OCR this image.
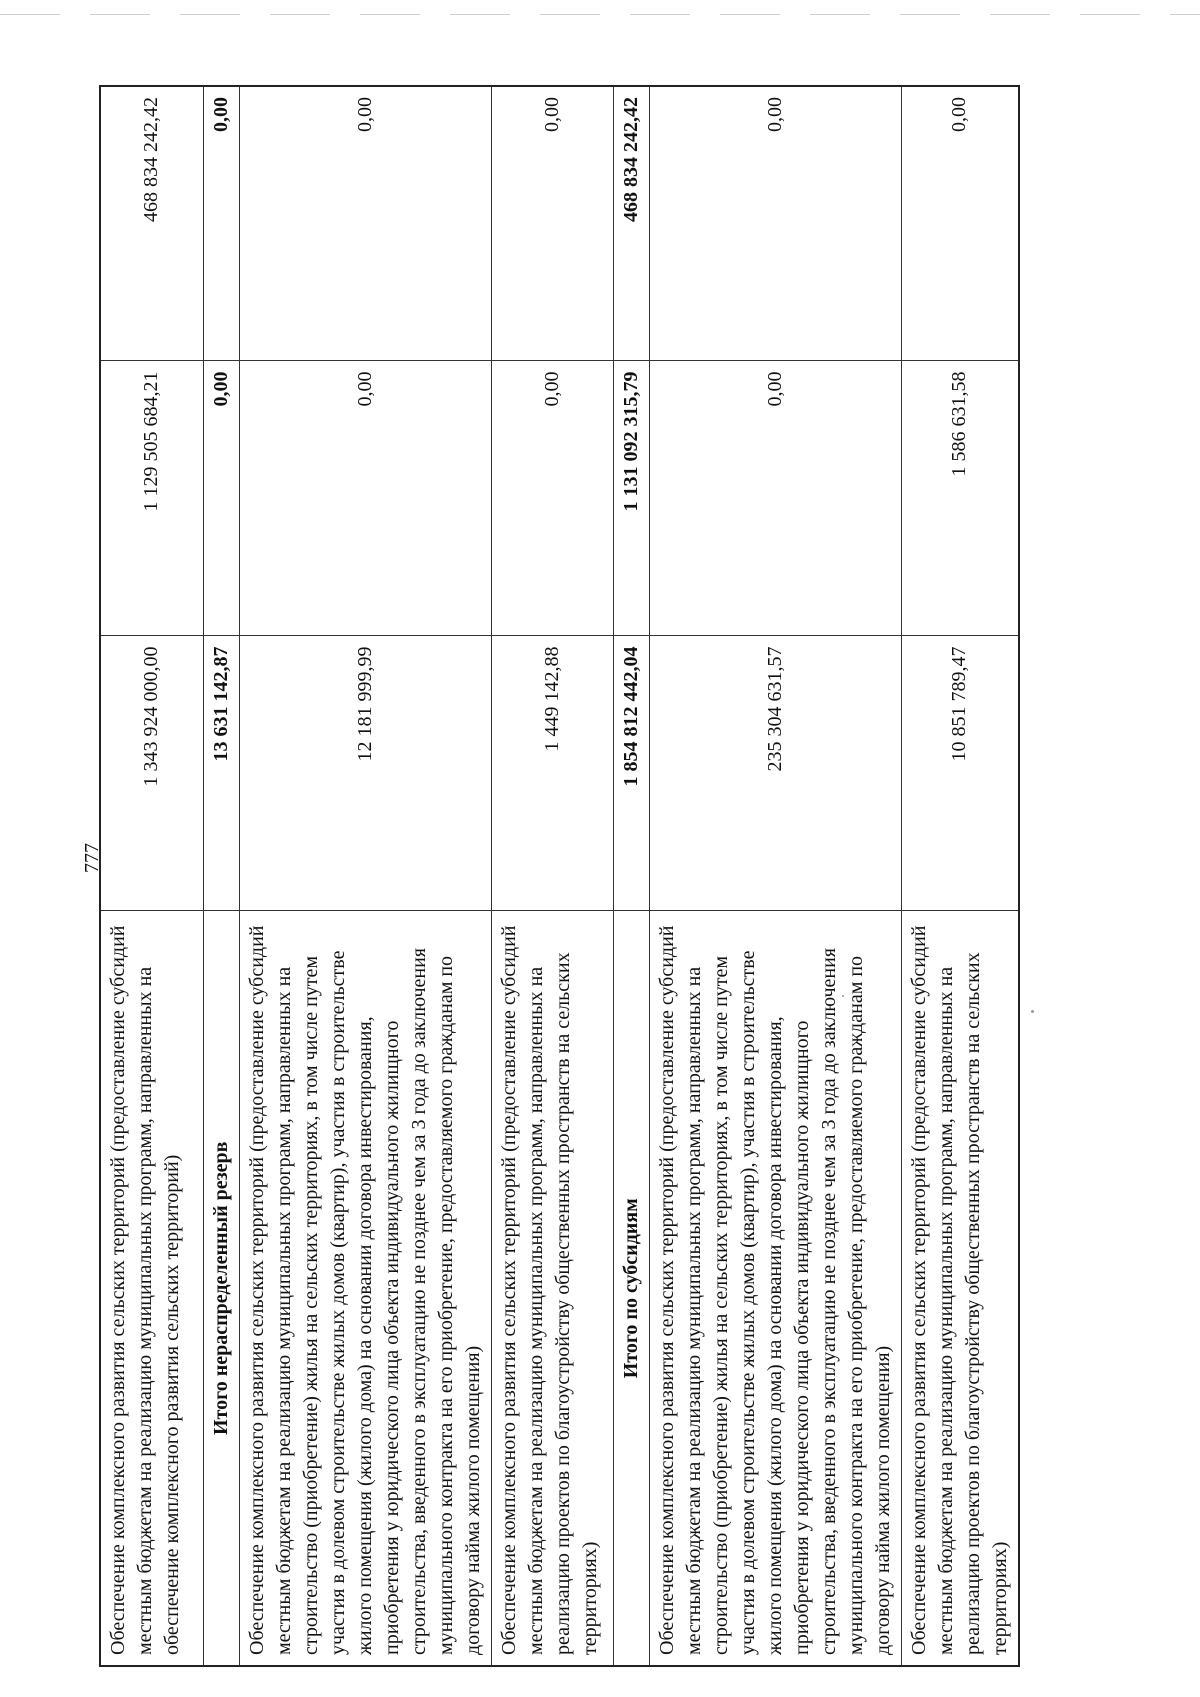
777
Обеспечение комплексного развития сельских территорий (предоставление субсидий местным бюджетам на реализацию муниципальных программ, направленных на обеспечение комплексного развития сельских территорий)	1 343 924 000,00	1 129 505 684,21	468 834 242,42
Итого нераспределенный резерв	13 631 142,87	0,00	0,00
Обеспечение комплексного развития сельских территорий (предоставление субсидий местным бюджетам на реализацию муниципальных программ, направленных на строительство (приобретение) жилья на сельских территориях, в том числе путем участия в долевом строительстве жилых домов (квартир), участия в строительстве жилого помещения (жилого дома) на основании договора инвестирования, приобретения у юридического лица объекта индивидуального жилищного строительства, введенного в эксплуатацию не позднее чем за 3 года до заключения муниципального контракта на его приобретение, предоставляемого гражданам по договору найма жилого помещения)	12 181 999,99	0,00	0,00
Обеспечение комплексного развития сельских территорий (предоставление субсидий местным бюджетам на реализацию муниципальных программ, направленных на реализацию проектов по благоустройству общественных пространств на сельских территориях)	1 449 142,88	0,00	0,00
Итого по субсидиям	1 854 812 442,04	1 131 092 315,79	468 834 242,42
Обеспечение комплексного развития сельских территорий (предоставление субсидий местным бюджетам на реализацию муниципальных программ, направленных на строительство (приобретение) жилья на сельских территориях, в том числе путем участия в долевом строительстве жилых домов (квартир), участия в строительстве жилого помещения (жилого дома) на основании договора инвестирования, приобретения у юридического лица объекта индивидуального жилищного строительства, введенного в эксплуатацию не позднее чем за 3 года до заключения муниципального контракта на его приобретение, предоставляемого гражданам по договору найма жилого помещения)	235 304 631,57	0,00	0,00
Обеспечение комплексного развития сельских территорий (предоставление субсидий местным бюджетам на реализацию муниципальных программ, направленных на реализацию проектов по благоустройству общественных пространств на сельских территориях)	10 851 789,47	1 586 631,58	0,00
